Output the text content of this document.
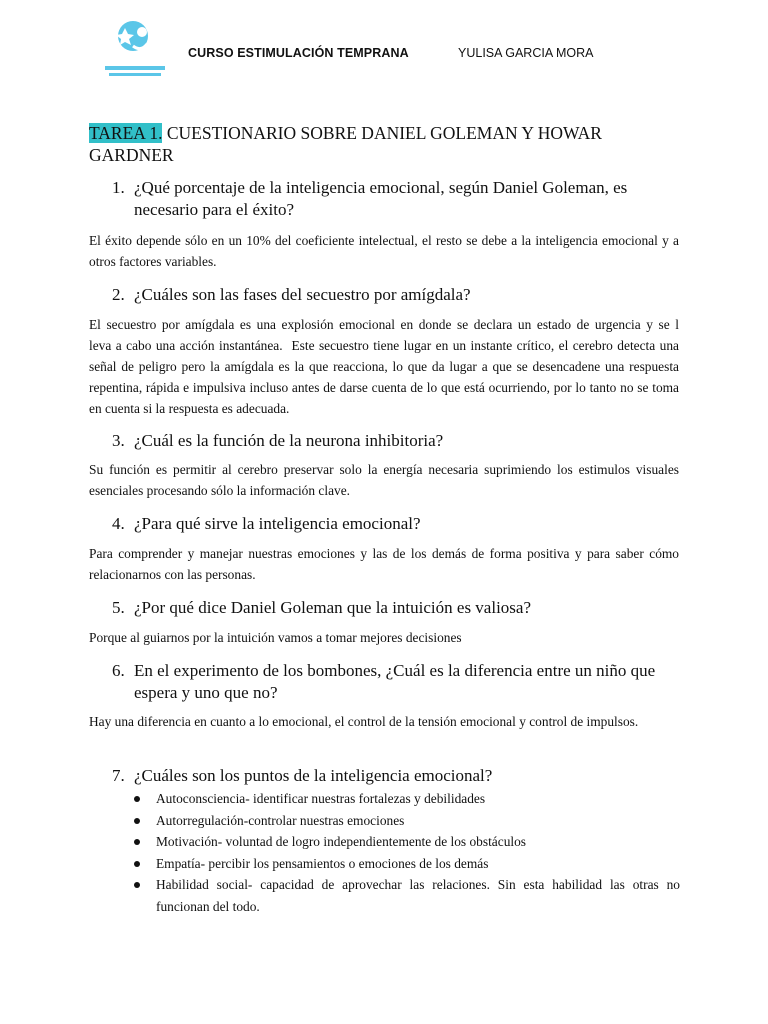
CURSO ESTIMULACIÓN TEMPRANA	YULISA GARCIA MORA
TAREA 1. CUESTIONARIO SOBRE DANIEL GOLEMAN Y HOWAR GARDNER
1. ¿Qué porcentaje de la inteligencia emocional, según Daniel Goleman, es necesario para el éxito?
El éxito depende sólo en un 10% del coeficiente intelectual, el resto se debe a la inteligencia emocional y a otros factores variables.
2. ¿Cuáles son las fases del secuestro por amígdala?
El secuestro por amígdala es una explosión emocional en donde se declara un estado de urgencia y se l                     leva a cabo una acción instantánea.  Este secuestro tiene lugar en un instante crítico, el cerebro detecta una señal de peligro pero la amígdala es la que reacciona, lo que da lugar a que se desencadene una respuesta repentina, rápida e impulsiva incluso antes de darse cuenta de lo que está ocurriendo, por lo tanto no se toma en cuenta si la respuesta es adecuada.
3. ¿Cuál es la función de la neurona inhibitoria?
Su función es permitir al cerebro preservar solo la energía necesaria suprimiendo los estimulos visuales esenciales procesando sólo la información clave.
4. ¿Para qué sirve la inteligencia emocional?
Para comprender y manejar nuestras emociones y las de los demás de forma positiva y para saber cómo relacionarnos con las personas.
5. ¿Por qué dice Daniel Goleman que la intuición es valiosa?
Porque al guiarnos por la intuición vamos a tomar mejores decisiones
6. En el experimento de los bombones, ¿Cuál es la diferencia entre un niño que espera y uno que no?
Hay una diferencia en cuanto a lo emocional, el control de la tensión emocional y control de impulsos.
7. ¿Cuáles son los puntos de la inteligencia emocional?
Autoconsciencia- identificar nuestras fortalezas y debilidades
Autorregulación-controlar nuestras emociones
Motivación- voluntad de logro independientemente de los obstáculos
Empatía- percibir los pensamientos o emociones de los demás
Habilidad social- capacidad de aprovechar las relaciones. Sin esta habilidad las otras no funcionan del todo.
